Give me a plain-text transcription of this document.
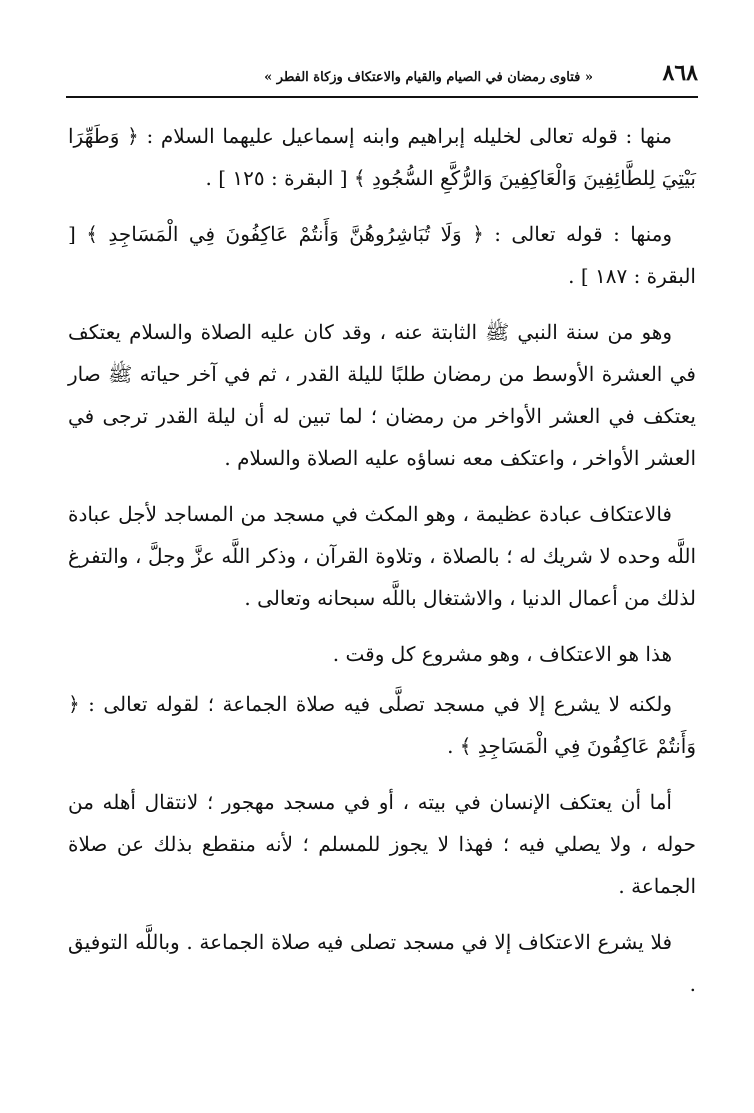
٨٦٨
« فتاوى رمضان في الصيام والقيام والاعتكاف وزكاة الفطر »

منها : قوله تعالى لخليله إبراهيم وابنه إسماعيل عليهما السلام : ﴿ وَطَهِّرَا بَيْتِيَ لِلطَّائِفِينَ وَالْعَاكِفِينَ وَالرُّكَّعِ السُّجُودِ ﴾ [ البقرة : ١٢٥ ] .

ومنها : قوله تعالى : ﴿ وَلَا تُبَاشِرُوهُنَّ وَأَنتُمْ عَاكِفُونَ فِي الْمَسَاجِدِ ﴾ [ البقرة : ١٨٧ ] .

وهو من سنة النبي ﷺ الثابتة عنه ، وقد كان عليه الصلاة والسلام يعتكف في العشرة الأوسط من رمضان طلبًا لليلة القدر ، ثم في آخر حياته ﷺ صار يعتكف في العشر الأواخر من رمضان ؛ لما تبين له أن ليلة القدر ترجى في العشر الأواخر ، واعتكف معه نساؤه عليه الصلاة والسلام .

فالاعتكاف عبادة عظيمة ، وهو المكث في مسجد من المساجد لأجل عبادة اللَّه وحده لا شريك له ؛ بالصلاة ، وتلاوة القرآن ، وذكر اللَّه عزَّ وجلَّ ، والتفرغ لذلك من أعمال الدنيا ، والاشتغال باللَّه سبحانه وتعالى .

هذا هو الاعتكاف ، وهو مشروع كل وقت .

ولكنه لا يشرع إلا في مسجد تصلَّى فيه صلاة الجماعة ؛ لقوله تعالى : ﴿ وَأَنتُمْ عَاكِفُونَ فِي الْمَسَاجِدِ ﴾ .

أما أن يعتكف الإنسان في بيته ، أو في مسجد مهجور ؛ لانتقال أهله من حوله ، ولا يصلي فيه ؛ فهذا لا يجوز للمسلم ؛ لأنه منقطع بذلك عن صلاة الجماعة .

فلا يشرع الاعتكاف إلا في مسجد تصلى فيه صلاة الجماعة . وباللَّه التوفيق .
